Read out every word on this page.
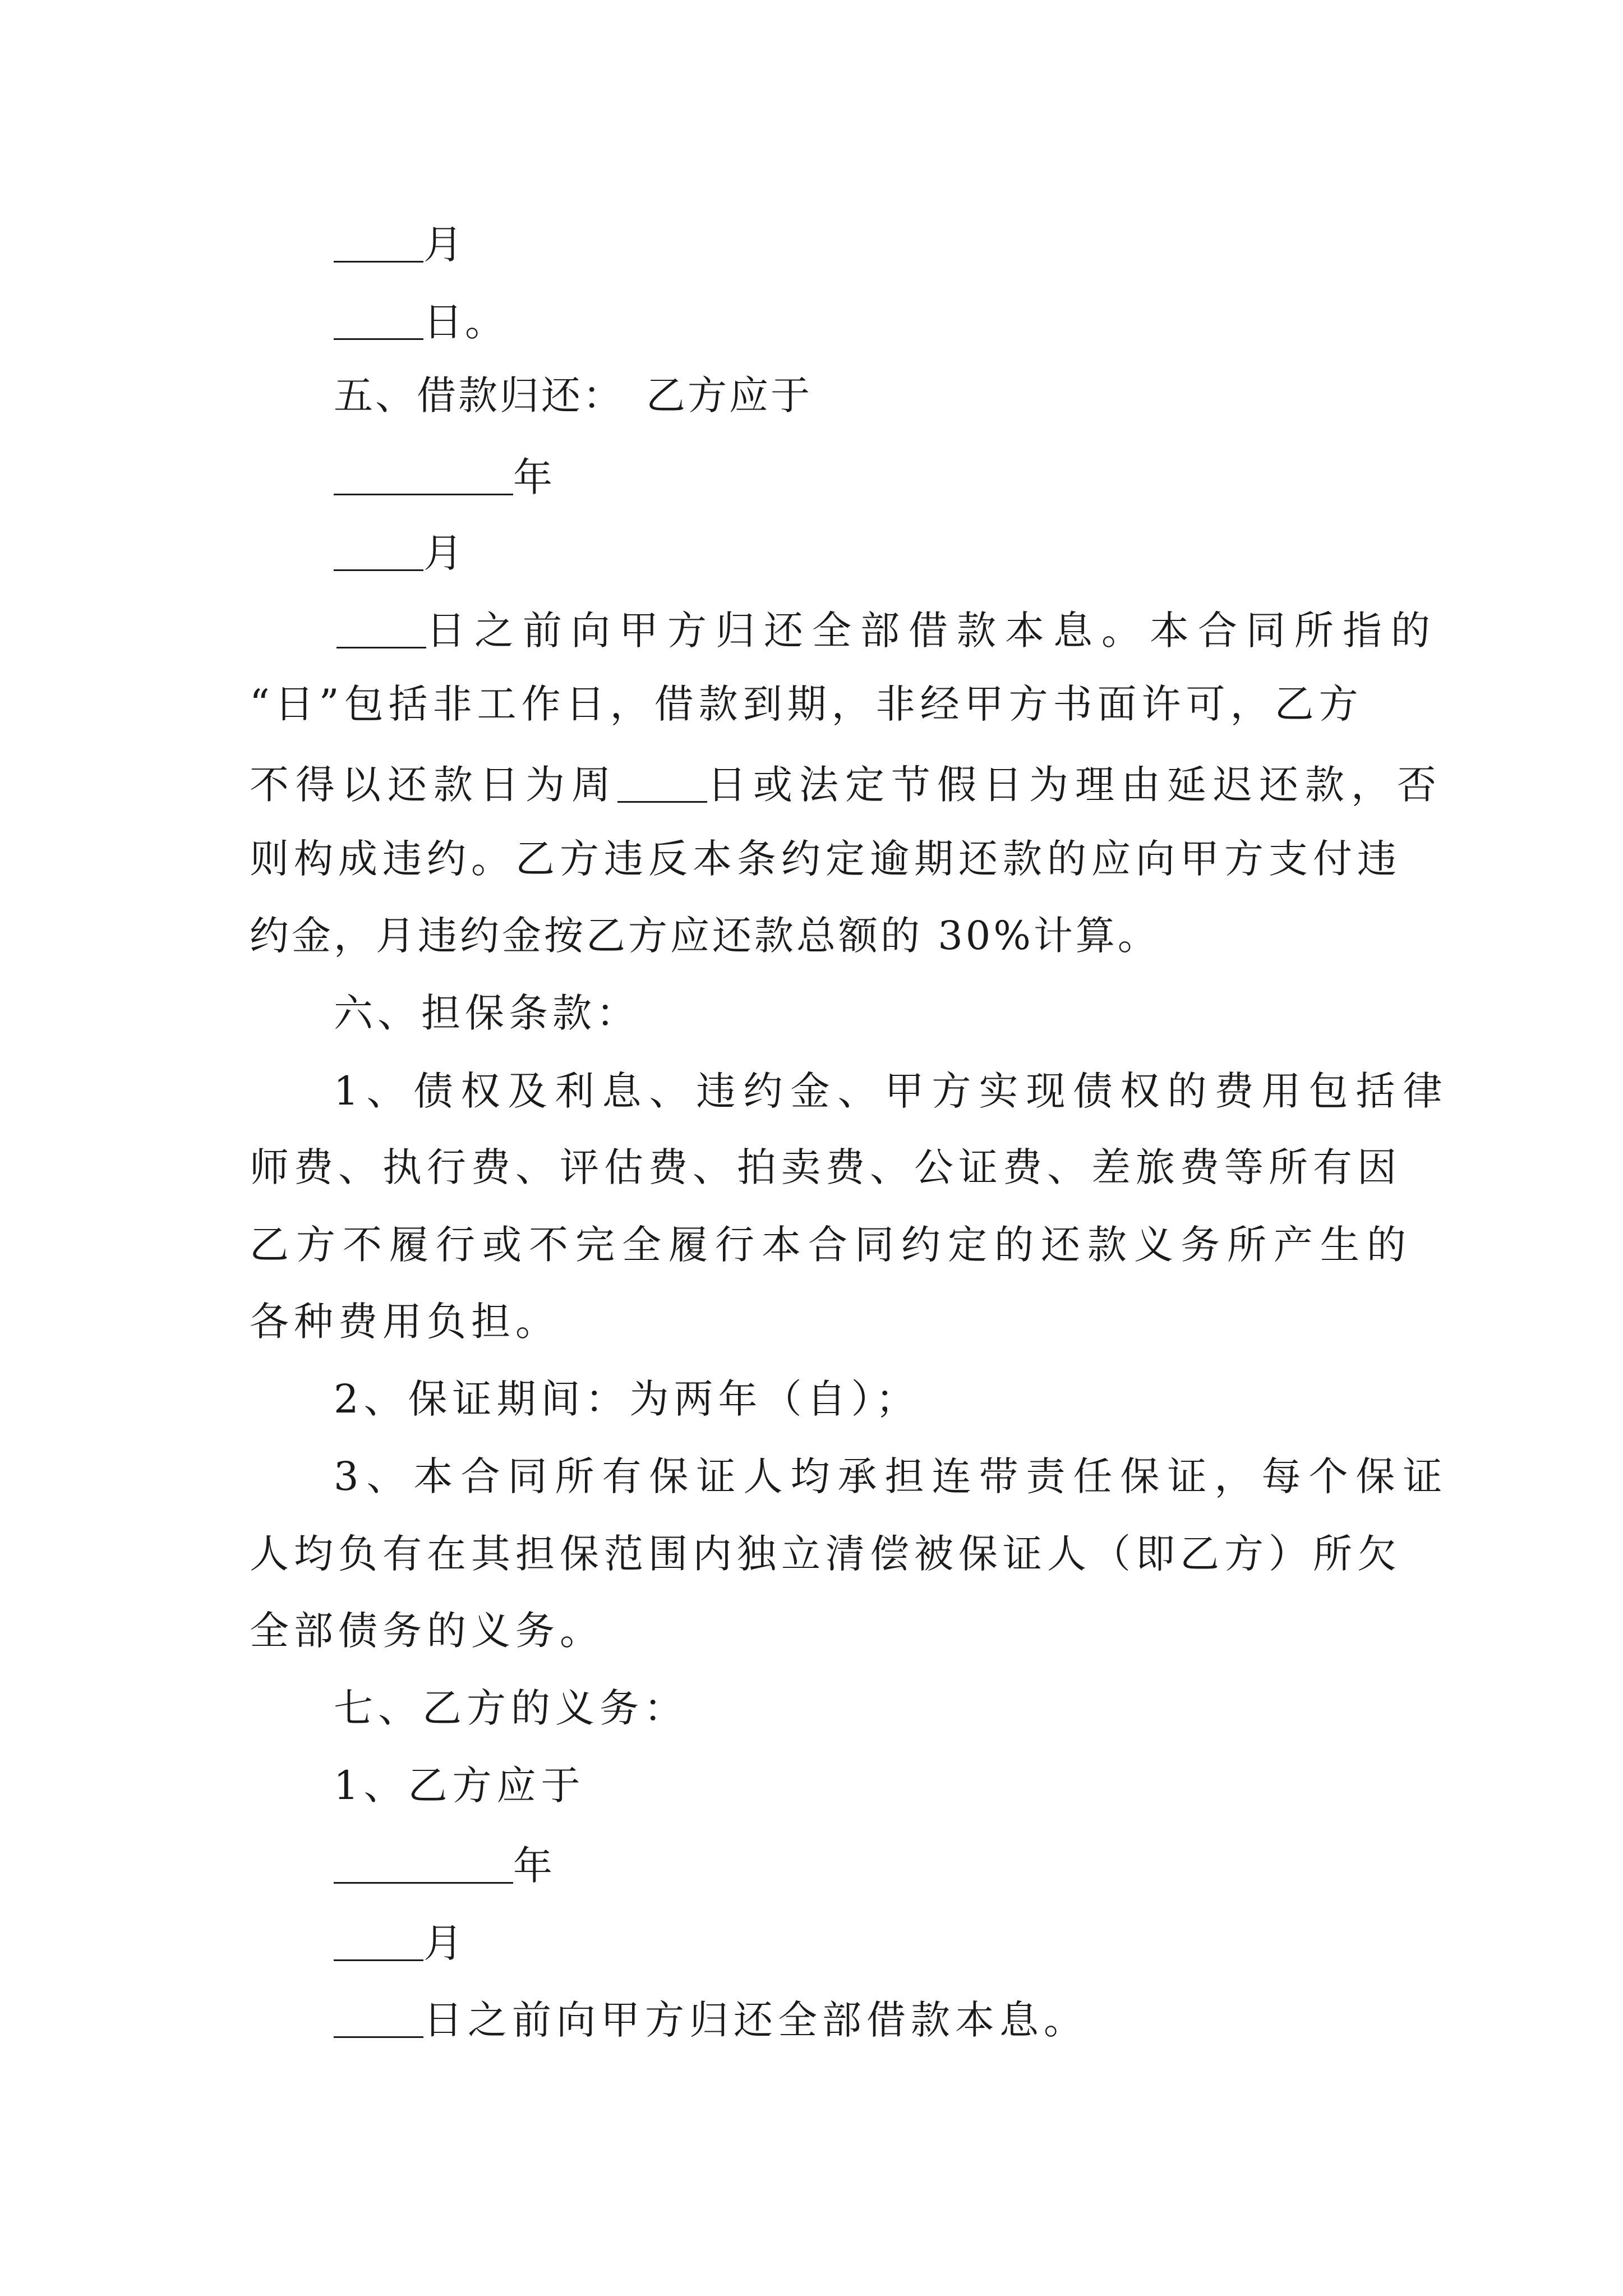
月
日。
五、借款归还：　乙方应于
年
月
日之前向甲方归还全部借款本息。本合同所指的
“日”包括非工作日，借款到期，非经甲方书面许可，乙方
不得以还款日为周 日或法定节假日为理由延迟还款，否
则构成违约。乙方违反本条约定逾期还款的应向甲方支付违
约金，月违约金按乙方应还款总额的 30%计算。
六、担保条款：
1、债权及利息、违约金、甲方实现债权的费用包括律
师费、执行费、评估费、拍卖费、公证费、差旅费等所有因
乙方不履行或不完全履行本合同约定的还款义务所产生的
各种费用负担。
2、保证期间：为两年（自）；
3、本合同所有保证人均承担连带责任保证，每个保证
人均负有在其担保范围内独立清偿被保证人（即乙方）所欠
全部债务的义务。
七、乙方的义务：
1、乙方应于
年
月
日之前向甲方归还全部借款本息。
